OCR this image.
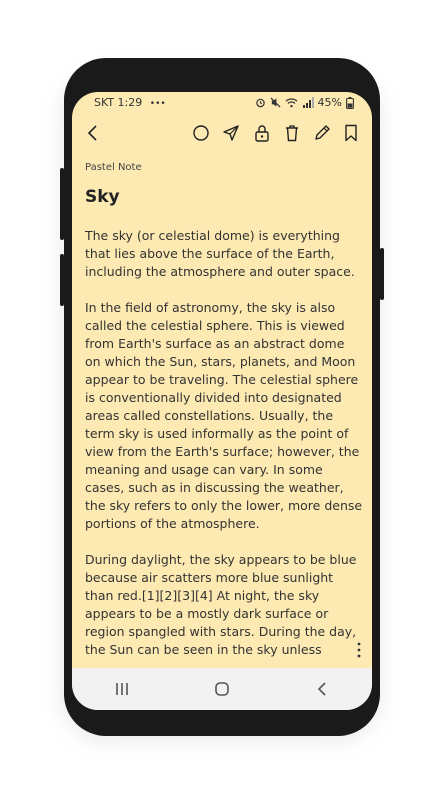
SKT 1:29 •••	45%
Pastel Note
Sky

The sky (or celestial dome) is everything that lies above the surface of the Earth, including the atmosphere and outer space.

In the field of astronomy, the sky is also called the celestial sphere. This is viewed from Earth's surface as an abstract dome on which the Sun, stars, planets, and Moon appear to be traveling. The celestial sphere is conventionally divided into designated areas called constellations. Usually, the term sky is used informally as the point of view from the Earth's surface; however, the meaning and usage can vary. In some cases, such as in discussing the weather, the sky refers to only the lower, more dense portions of the atmosphere.

During daylight, the sky appears to be blue because air scatters more blue sunlight than red.[1][2][3][4] At night, the sky appears to be a mostly dark surface or region spangled with stars. During the day, the Sun can be seen in the sky unless
